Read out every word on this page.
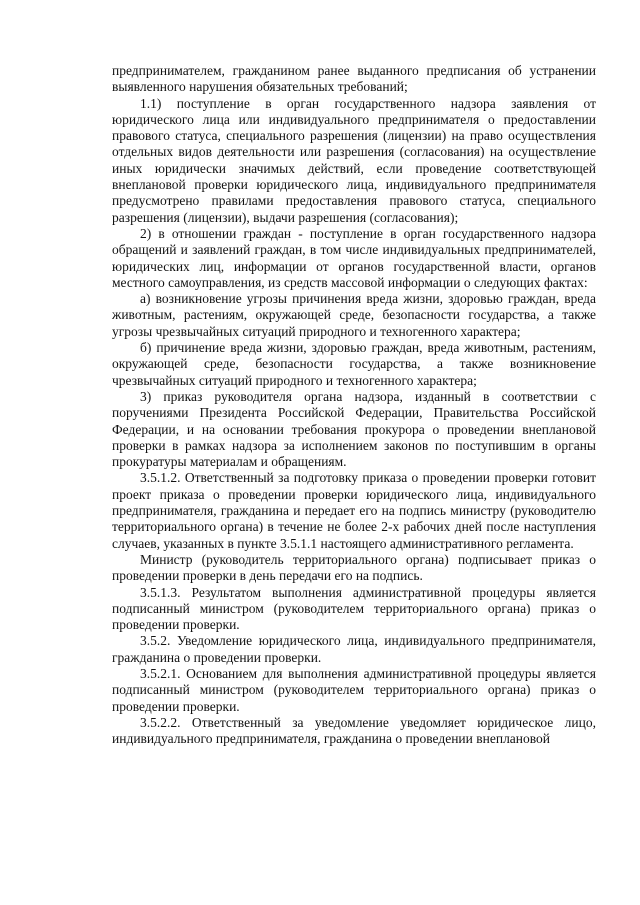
предпринимателем, гражданином ранее выданного предписания об устранении выявленного нарушения обязательных требований;

1.1) поступление в орган государственного надзора заявления от юридического лица или индивидуального предпринимателя о предоставлении правового статуса, специального разрешения (лицензии) на право осуществления отдельных видов деятельности или разрешения (согласования) на осуществление иных юридически значимых действий, если проведение соответствующей внеплановой проверки юридического лица, индивидуального предпринимателя предусмотрено правилами предоставления правового статуса, специального разрешения (лицензии), выдачи разрешения (согласования);

2) в отношении граждан - поступление в орган государственного надзора обращений и заявлений граждан, в том числе индивидуальных предпринимателей, юридических лиц, информации от органов государственной власти, органов местного самоуправления, из средств массовой информации о следующих фактах:

а) возникновение угрозы причинения вреда жизни, здоровью граждан, вреда животным, растениям, окружающей среде, безопасности государства, а также угрозы чрезвычайных ситуаций природного и техногенного характера;

б) причинение вреда жизни, здоровью граждан, вреда животным, растениям, окружающей среде, безопасности государства, а также возникновение чрезвычайных ситуаций природного и техногенного характера;

3) приказ руководителя органа надзора, изданный в соответствии с поручениями Президента Российской Федерации, Правительства Российской Федерации, и на основании требования прокурора о проведении внеплановой проверки в рамках надзора за исполнением законов по поступившим в органы прокуратуры материалам и обращениям.

3.5.1.2. Ответственный за подготовку приказа о проведении проверки готовит проект приказа о проведении проверки юридического лица, индивидуального предпринимателя, гражданина и передает его на подпись министру (руководителю территориального органа) в течение не более 2-х рабочих дней после наступления случаев, указанных в пункте 3.5.1.1 настоящего административного регламента.

Министр (руководитель территориального органа) подписывает приказ о проведении проверки в день передачи его на подпись.

3.5.1.3. Результатом выполнения административной процедуры является подписанный министром (руководителем территориального органа) приказ о проведении проверки.

3.5.2. Уведомление юридического лица, индивидуального предпринимателя, гражданина о проведении проверки.

3.5.2.1. Основанием для выполнения административной процедуры является подписанный министром (руководителем территориального органа) приказ о проведении проверки.

3.5.2.2. Ответственный за уведомление уведомляет юридическое лицо, индивидуального предпринимателя, гражданина о проведении внеплановой
